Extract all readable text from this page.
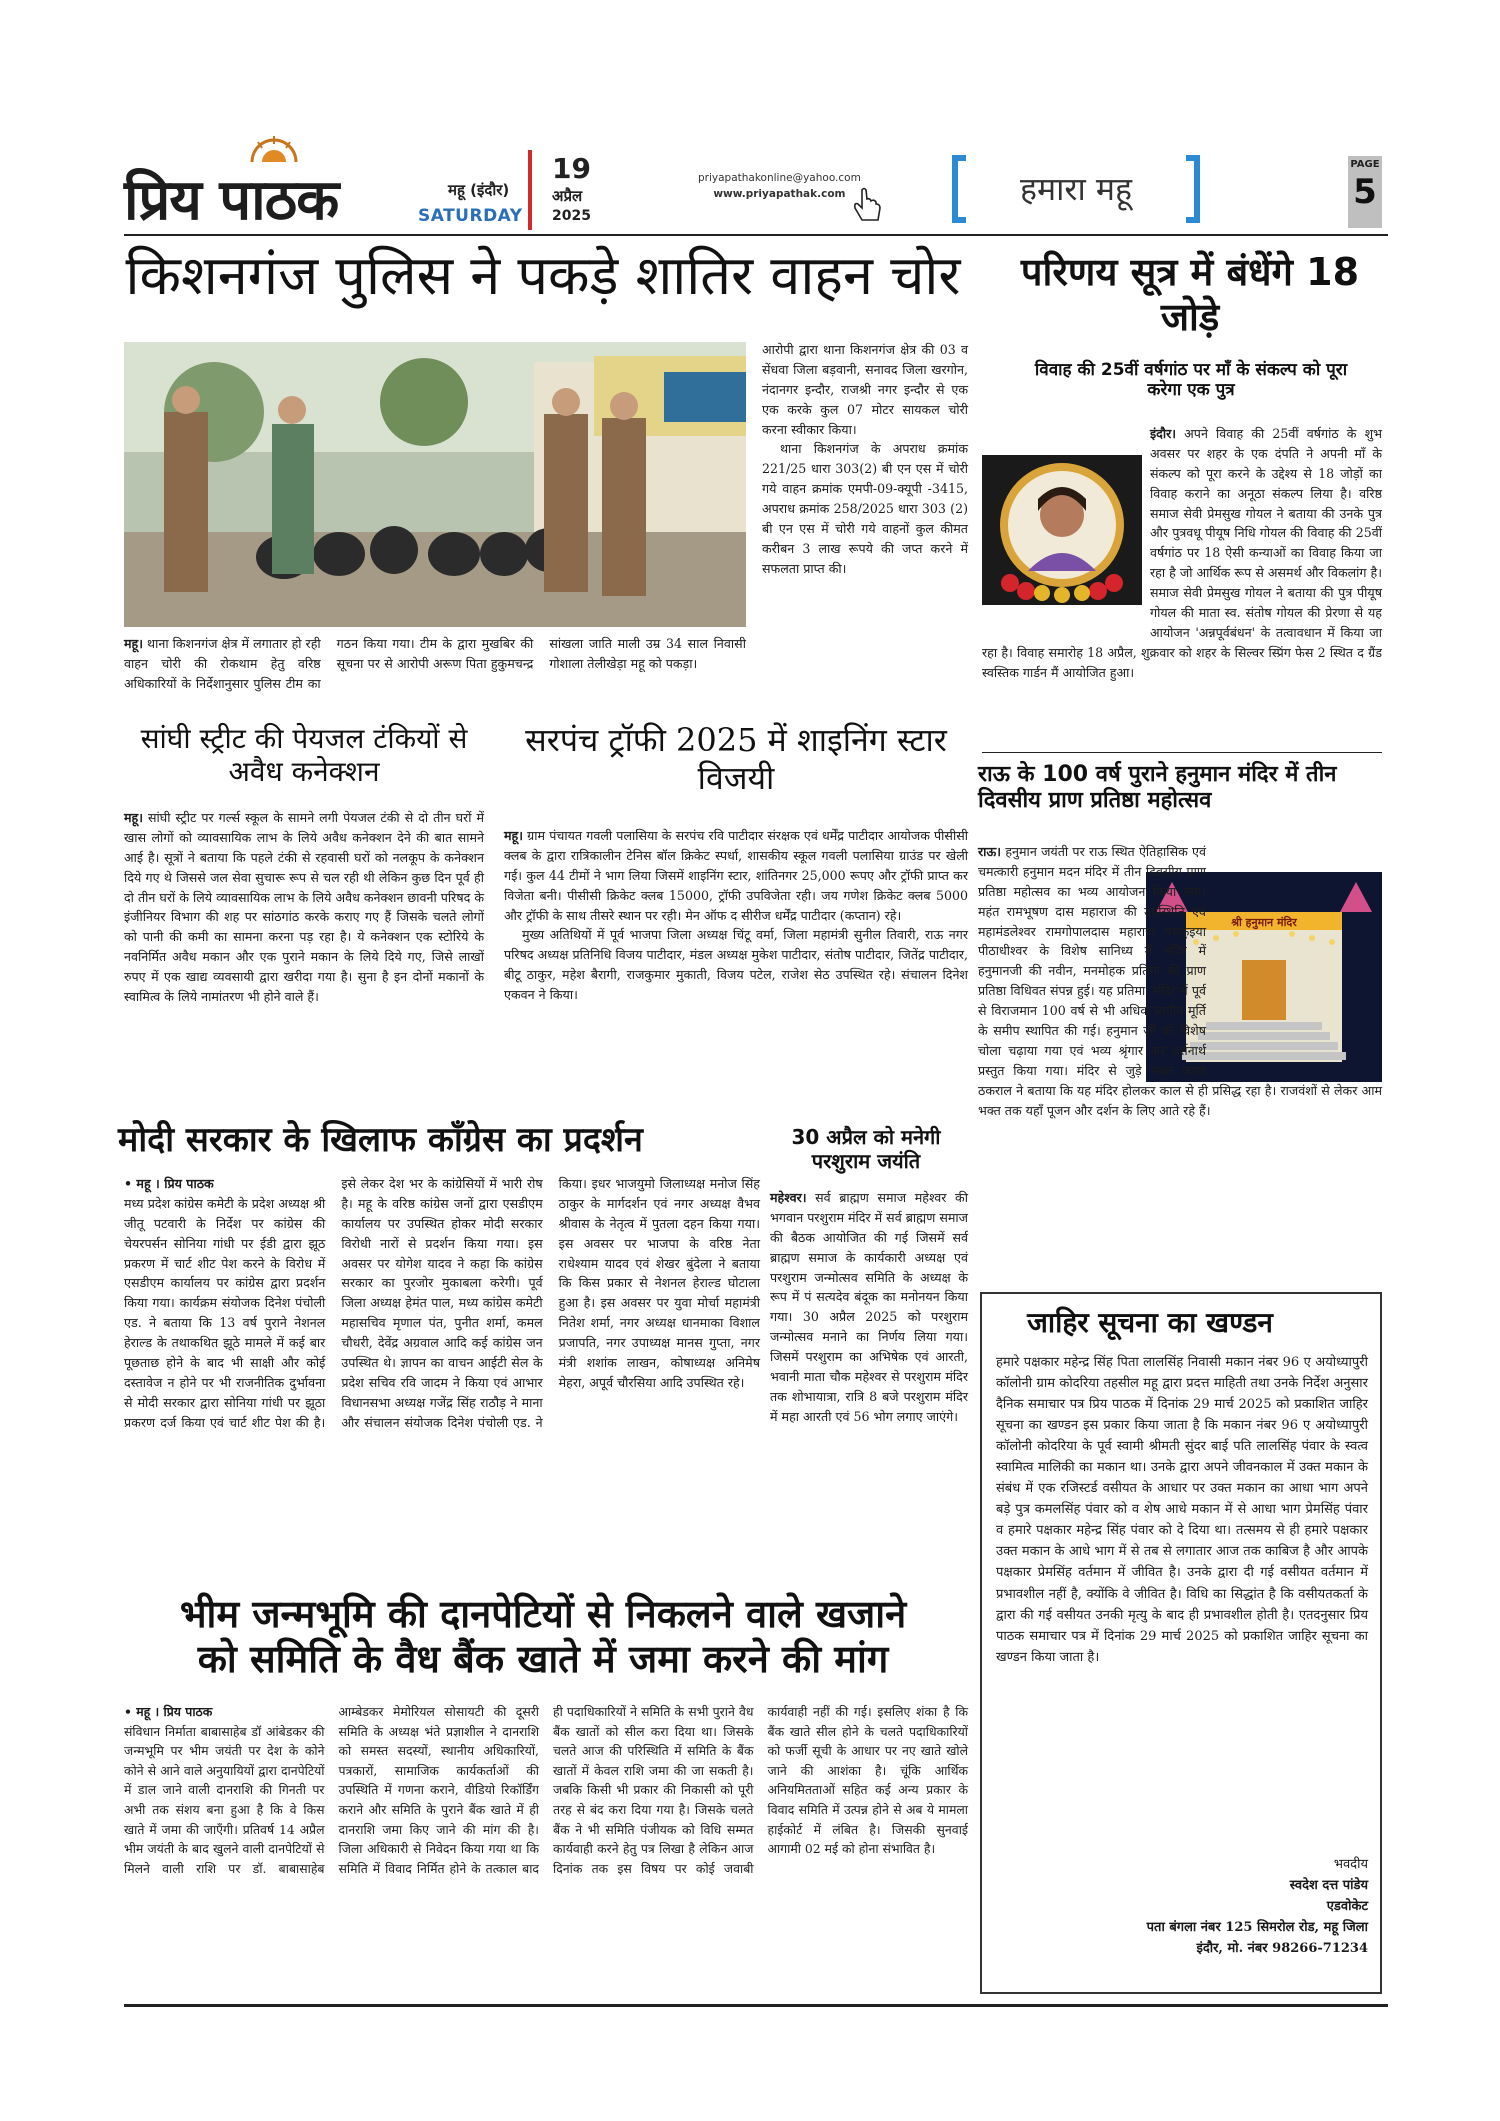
प्रिय पाठक	महू (इंदौर)
SATURDAY
19
अप्रैल
2025
priyapathakonline@yahoo.com
www.priyapathak.com	हमारा महू
PAGE
5
किशनगंज पुलिस ने पकड़े शातिर वाहन चोर
महू। थाना किशनगंज क्षेत्र में लगातार हो रही वाहन चोरी की रोकथाम हेतु वरिष्ठ अधिकारियों के निर्देशानुसार पुलिस टीम का गठन किया गया। टीम के द्वारा मुखबिर की सूचना पर से आरोपी अरूण पिता हुकुमचन्द्र सांखला जाति माली उम्र 34 साल निवासी गोशाला तेलीखेड़ा महू को पकड़ा।

आरोपी द्वारा थाना किशनगंज क्षेत्र की 03 व सेंधवा जिला बड़वानी, सनावद जिला खरगोन, नंदानगर इन्दौर, राजश्री नगर इन्दौर से एक एक करके कुल 07 मोटर सायकल चोरी करना स्वीकार किया।

थाना किशनगंज के अपराध क्रमांक 221/25 धारा 303(2) बी एन एस में चोरी गये वाहन क्रमांक एमपी-09-क्यूपी -3415, अपराध क्रमांक 258/2025 धारा 303 (2) बी एन एस में चोरी गये वाहनों कुल कीमत करीबन 3 लाख रूपये की जप्त करने में सफलता प्राप्त की।

परिणय सूत्र में बंधेंगे 18 जोड़े
विवाह की 25वीं वर्षगांठ पर माँ के संकल्प को पूरा करेगा एक पुत्र
इंदौर। अपने विवाह की 25वीं वर्षगांठ के शुभ अवसर पर शहर के एक दंपति ने अपनी माँ के संकल्प को पूरा करने के उद्देश्य से 18 जोड़ों का विवाह कराने का अनूठा संकल्प लिया है। वरिष्ठ समाज सेवी प्रेमसुख गोयल ने बताया की उनके पुत्र और पुत्रवधू पीयूष निधि गोयल की विवाह की 25वीं वर्षगांठ पर 18 ऐसी कन्याओं का विवाह किया जा रहा है जो आर्थिक रूप से असमर्थ और विकलांग है। समाज सेवी प्रेमसुख गोयल ने बताया की पुत्र पीयूष गोयल की माता स्व. संतोष गोयल की प्रेरणा से यह आयोजन 'अन्नपूर्वबंधन' के तत्वावधान में किया जा रहा है। विवाह समारोह 18 अप्रैल, शुक्रवार को शहर के सिल्वर स्प्रिंग फेस 2 स्थित द ग्रैंड स्वस्तिक गार्डन मैं आयोजित हुआ।
सांघी स्ट्रीट की पेयजल टंकियों से अवैध कनेक्शन
महू। सांघी स्ट्रीट पर गर्ल्स स्कूल के सामने लगी पेयजल टंकी से दो तीन घरों में खास लोगों को व्यावसायिक लाभ के लिये अवैध कनेक्शन देने की बात सामने आई है। सूत्रों ने बताया कि पहले टंकी से रहवासी घरों को नलकूप के कनेक्शन दिये गए थे जिससे जल सेवा सुचारू रूप से चल रही थी लेकिन कुछ दिन पूर्व ही दो तीन घरों के लिये व्यावसायिक लाभ के लिये अवैध कनेक्शन छावनी परिषद के इंजीनियर विभाग की शह पर सांठगांठ करके कराए गए हैं जिसके चलते लोगों को पानी की कमी का सामना करना पड़ रहा है। ये कनेक्शन एक स्टोरिये के नवनिर्मित अवैध मकान और एक पुराने मकान के लिये दिये गए, जिसे लाखों रुपए में एक खाद्य व्यवसायी द्वारा खरीदा गया है। सुना है इन दोनों मकानों के स्वामित्व के लिये नामांतरण भी होने वाले हैं।
सरपंच ट्रॉफी 2025 में शाइनिंग स्टार विजयी

महू। ग्राम पंचायत गवली पलासिया के सरपंच रवि पाटीदार संरक्षक एवं धर्मेंद्र पाटीदार आयोजक पीसीसी क्लब के द्वारा रात्रिकालीन टेनिस बॉल क्रिकेट स्पर्धा, शासकीय स्कूल गवली पलासिया ग्राउंड पर खेली गई। कुल 44 टीमों ने भाग लिया जिसमें शाइनिंग स्टार, शांतिनगर 25,000 रूपए और ट्रॉफी प्राप्त कर विजेता बनी। पीसीसी क्रिकेट क्लब 15000, ट्रॉफी उपविजेता रही। जय गणेश क्रिकेट क्लब 5000 और ट्रॉफी के साथ तीसरे स्थान पर रही। मेन ऑफ द सीरीज धर्मेंद्र पाटीदार (कप्तान) रहे।

मुख्य अतिथियों में पूर्व भाजपा जिला अध्यक्ष चिंटू वर्मा, जिला महामंत्री सुनील तिवारी, राऊ नगर परिषद अध्यक्ष प्रतिनिधि विजय पाटीदार, मंडल अध्यक्ष मुकेश पाटीदार, संतोष पाटीदार, जितेंद्र पाटीदार, बीटू ठाकुर, महेश बैरागी, राजकुमार मुकाती, विजय पटेल, राजेश सेठ उपस्थित रहे। संचालन दिनेश एकवन ने किया।

राऊ के 100 वर्ष पुराने हनुमान मंदिर में तीन दिवसीय प्राण प्रतिष्ठा महोत्सव
श्री हनुमान मंदिर
राऊ। हनुमान जयंती पर राऊ स्थित ऐतिहासिक एवं चमत्कारी हनुमान मदन मंदिर में तीन दिवसीय प्राण प्रतिष्ठा महोत्सव का भव्य आयोजन किया गया। महंत रामभूषण दास महाराज की उपस्थिति एवं महामंडलेश्वर रामगोपालदास महाराज पंचकुइया पीठाधीश्वर के विशेष सानिध्य में मंदिर में हनुमानजी की नवीन, मनमोहक प्रतिमा की प्राण प्रतिष्ठा विधिवत संपन्न हुई। यह प्रतिमा, मंदिर में पूर्व से विराजमान 100 वर्ष से भी अधिक प्राचीन मूर्ति के समीप स्थापित की गई। हनुमान जी को विशेष चोला चढ़ाया गया एवं भव्य श्रृंगार कर दर्शनार्थ प्रस्तुत किया गया। मंदिर से जुड़े भक्त करण ठकराल ने बताया कि यह मंदिर होलकर काल से ही प्रसिद्ध रहा है। राजवंशों से लेकर आम भक्त तक यहाँ पूजन और दर्शन के लिए आते रहे हैं।
मोदी सरकार के खिलाफ कॉंग्रेस का प्रदर्शन
• महू । प्रिय पाठक
मध्य प्रदेश कांग्रेस कमेटी के प्रदेश अध्यक्ष श्री जीतू पटवारी के निर्देश पर कांग्रेस की चेयरपर्सन सोनिया गांधी पर ईडी द्वारा झूठ प्रकरण में चार्ट शीट पेश करने के विरोध में एसडीएम कार्यालय पर कांग्रेस द्वारा प्रदर्शन किया गया। कार्यक्रम संयोजक दिनेश पंचोली एड. ने बताया कि 13 वर्ष पुराने नेशनल हेराल्ड के तथाकथित झूठे मामले में कई बार पूछताछ होने के बाद भी साक्षी और कोई दस्तावेज न होने पर भी राजनीतिक दुर्भावना से मोदी सरकार द्वारा सोनिया गांधी पर झूठा प्रकरण दर्ज किया एवं चार्ट शीट पेश की है। इसे लेकर देश भर के कांग्रेसियों में भारी रोष है। महू के वरिष्ठ कांग्रेस जनों द्वारा एसडीएम कार्यालय पर उपस्थित होकर मोदी सरकार विरोधी नारों से प्रदर्शन किया गया। इस अवसर पर योगेश यादव ने कहा कि कांग्रेस सरकार का पुरजोर मुकाबला करेगी। पूर्व जिला अध्यक्ष हेमंत पाल, मध्य कांग्रेस कमेटी महासचिव मृणाल पंत, पुनीत शर्मा, कमल चौधरी, देवेंद्र अग्रवाल आदि कई कांग्रेस जन उपस्थित थे। ज्ञापन का वाचन आईटी सेल के प्रदेश सचिव रवि जादम ने किया एवं आभार विधानसभा अध्यक्ष गजेंद्र सिंह राठौड़ ने माना और संचालन संयोजक दिनेश पंचोली एड. ने किया। इधर भाजयुमो जिलाध्यक्ष मनोज सिंह ठाकुर के मार्गदर्शन एवं नगर अध्यक्ष वैभव श्रीवास के नेतृत्व में पुतला दहन किया गया। इस अवसर पर भाजपा के वरिष्ठ नेता राधेश्याम यादव एवं शेखर बुंदेला ने बताया कि किस प्रकार से नेशनल हेराल्ड घोटाला हुआ है। इस अवसर पर युवा मोर्चा महामंत्री नितेश शर्मा, नगर अध्यक्ष धानमाका विशाल प्रजापति, नगर उपाध्यक्ष मानस गुप्ता, नगर मंत्री शशांक लाखन, कोषाध्यक्ष अनिमेष मेहरा, अपूर्व चौरसिया आदि उपस्थित रहे।
30 अप्रैल को मनेगी परशुराम जयंति
महेश्वर। सर्व ब्राह्मण समाज महेश्वर की भगवान परशुराम मंदिर में सर्व ब्राह्मण समाज की बैठक आयोजित की गई जिसमें सर्व ब्राह्मण समाज के कार्यकारी अध्यक्ष एवं परशुराम जन्मोत्सव समिति के अध्यक्ष के रूप में पं सत्यदेव बंदूक का मनोनयन किया गया। 30 अप्रैल 2025 को परशुराम जन्मोत्सव मनाने का निर्णय लिया गया। जिसमें परशुराम का अभिषेक एवं आरती, भवानी माता चौक महेश्वर से परशुराम मंदिर तक शोभायात्रा, रात्रि 8 बजे परशुराम मंदिर में महा आरती एवं 56 भोग लगाए जाएंगे।
जाहिर सूचना का खण्डन
हमारे पक्षकार महेन्द्र सिंह पिता लालसिंह निवासी मकान नंबर 96 ए अयोध्यापुरी कॉलोनी ग्राम कोदरिया तहसील महू द्वारा प्रदत्त माहिती तथा उनके निर्देश अनुसार दैनिक समाचार पत्र प्रिय पाठक में दिनांक 29 मार्च 2025 को प्रकाशित जाहिर सूचना का खण्डन इस प्रकार किया जाता है कि मकान नंबर 96 ए अयोध्यापुरी कॉलोनी कोदरिया के पूर्व स्वामी श्रीमती सुंदर बाई पति लालसिंह पंवार के स्वत्व स्वामित्व मालिकी का मकान था। उनके द्वारा अपने जीवनकाल में उक्त मकान के संबंध में एक रजिस्टर्ड वसीयत के आधार पर उक्त मकान का आधा भाग अपने बड़े पुत्र कमलसिंह पंवार को व शेष आधे मकान में से आधा भाग प्रेमसिंह पंवार व हमारे पक्षकार महेन्द्र सिंह पंवार को दे दिया था। तत्समय से ही हमारे पक्षकार उक्त मकान के आधे भाग में से तब से लगातार आज तक काबिज है और आपके पक्षकार प्रेमसिंह वर्तमान में जीवित है। उनके द्वारा दी गई वसीयत वर्तमान में प्रभावशील नहीं है, क्योंकि वे जीवित है। विधि का सिद्धांत है कि वसीयतकर्ता के द्वारा की गई वसीयत उनकी मृत्यु के बाद ही प्रभावशील होती है। एतदनुसार प्रिय पाठक समाचार पत्र में दिनांक 29 मार्च 2025 को प्रकाशित जाहिर सूचना का खण्डन किया जाता है।
भवदीय
स्वदेश दत्त पांडेय
एडवोकेट
पता बंगला नंबर 125 सिमरोल रोड, महू जिला
इंदौर, मो. नंबर 98266-71234
भीम जन्मभूमि की दानपेटियों से निकलने वाले खजाने
को समिति के वैध बैंक खाते में जमा करने की मांग
• महू । प्रिय पाठक
संविधान निर्माता बाबासाहेब डॉ आंबेडकर की जन्मभूमि पर भीम जयंती पर देश के कोने कोने से आने वाले अनुयायियों द्वारा दानपेटियों में डाल जाने वाली दानराशि की गिनती पर अभी तक संशय बना हुआ है कि वे किस खाते में जमा की जाएँगी। प्रतिवर्ष 14 अप्रैल भीम जयंती के बाद खुलने वाली दानपेटियों से मिलने वाली राशि पर डॉ. बाबासाहेब आम्बेडकर मेमोरियल सोसायटी की दूसरी समिति के अध्यक्ष भंते प्रज्ञाशील ने दानराशि को समस्त सदस्यों, स्थानीय अधिकारियों, पत्रकारों, सामाजिक कार्यकर्ताओं की उपस्थिति में गणना कराने, वीडियो रिकॉर्डिंग कराने और समिति के पुराने बैंक खाते में ही दानराशि जमा किए जाने की मांग की है। जिला अधिकारी से निवेदन किया गया था कि समिति में विवाद निर्मित होने के तत्काल बाद ही पदाधिकारियों ने समिति के सभी पुराने वैध बैंक खातों को सील करा दिया था। जिसके चलते आज की परिस्थिति में समिति के बैंक खातों में केवल राशि जमा की जा सकती है। जबकि किसी भी प्रकार की निकासी को पूरी तरह से बंद करा दिया गया है। जिसके चलते बैंक ने भी समिति पंजीयक को विधि सम्मत कार्यवाही करने हेतु पत्र लिखा है लेकिन आज दिनांक तक इस विषय पर कोई जवाबी कार्यवाही नहीं की गई। इसलिए शंका है कि बैंक खाते सील होने के चलते पदाधिकारियों को फर्जी सूची के आधार पर नए खाते खोले जाने की आशंका है। चूंकि आर्थिक अनियमितताओं सहित कई अन्य प्रकार के विवाद समिति में उत्पन्न होने से अब ये मामला हाईकोर्ट में लंबित है। जिसकी सुनवाई आगामी 02 मई को होना संभावित है।
